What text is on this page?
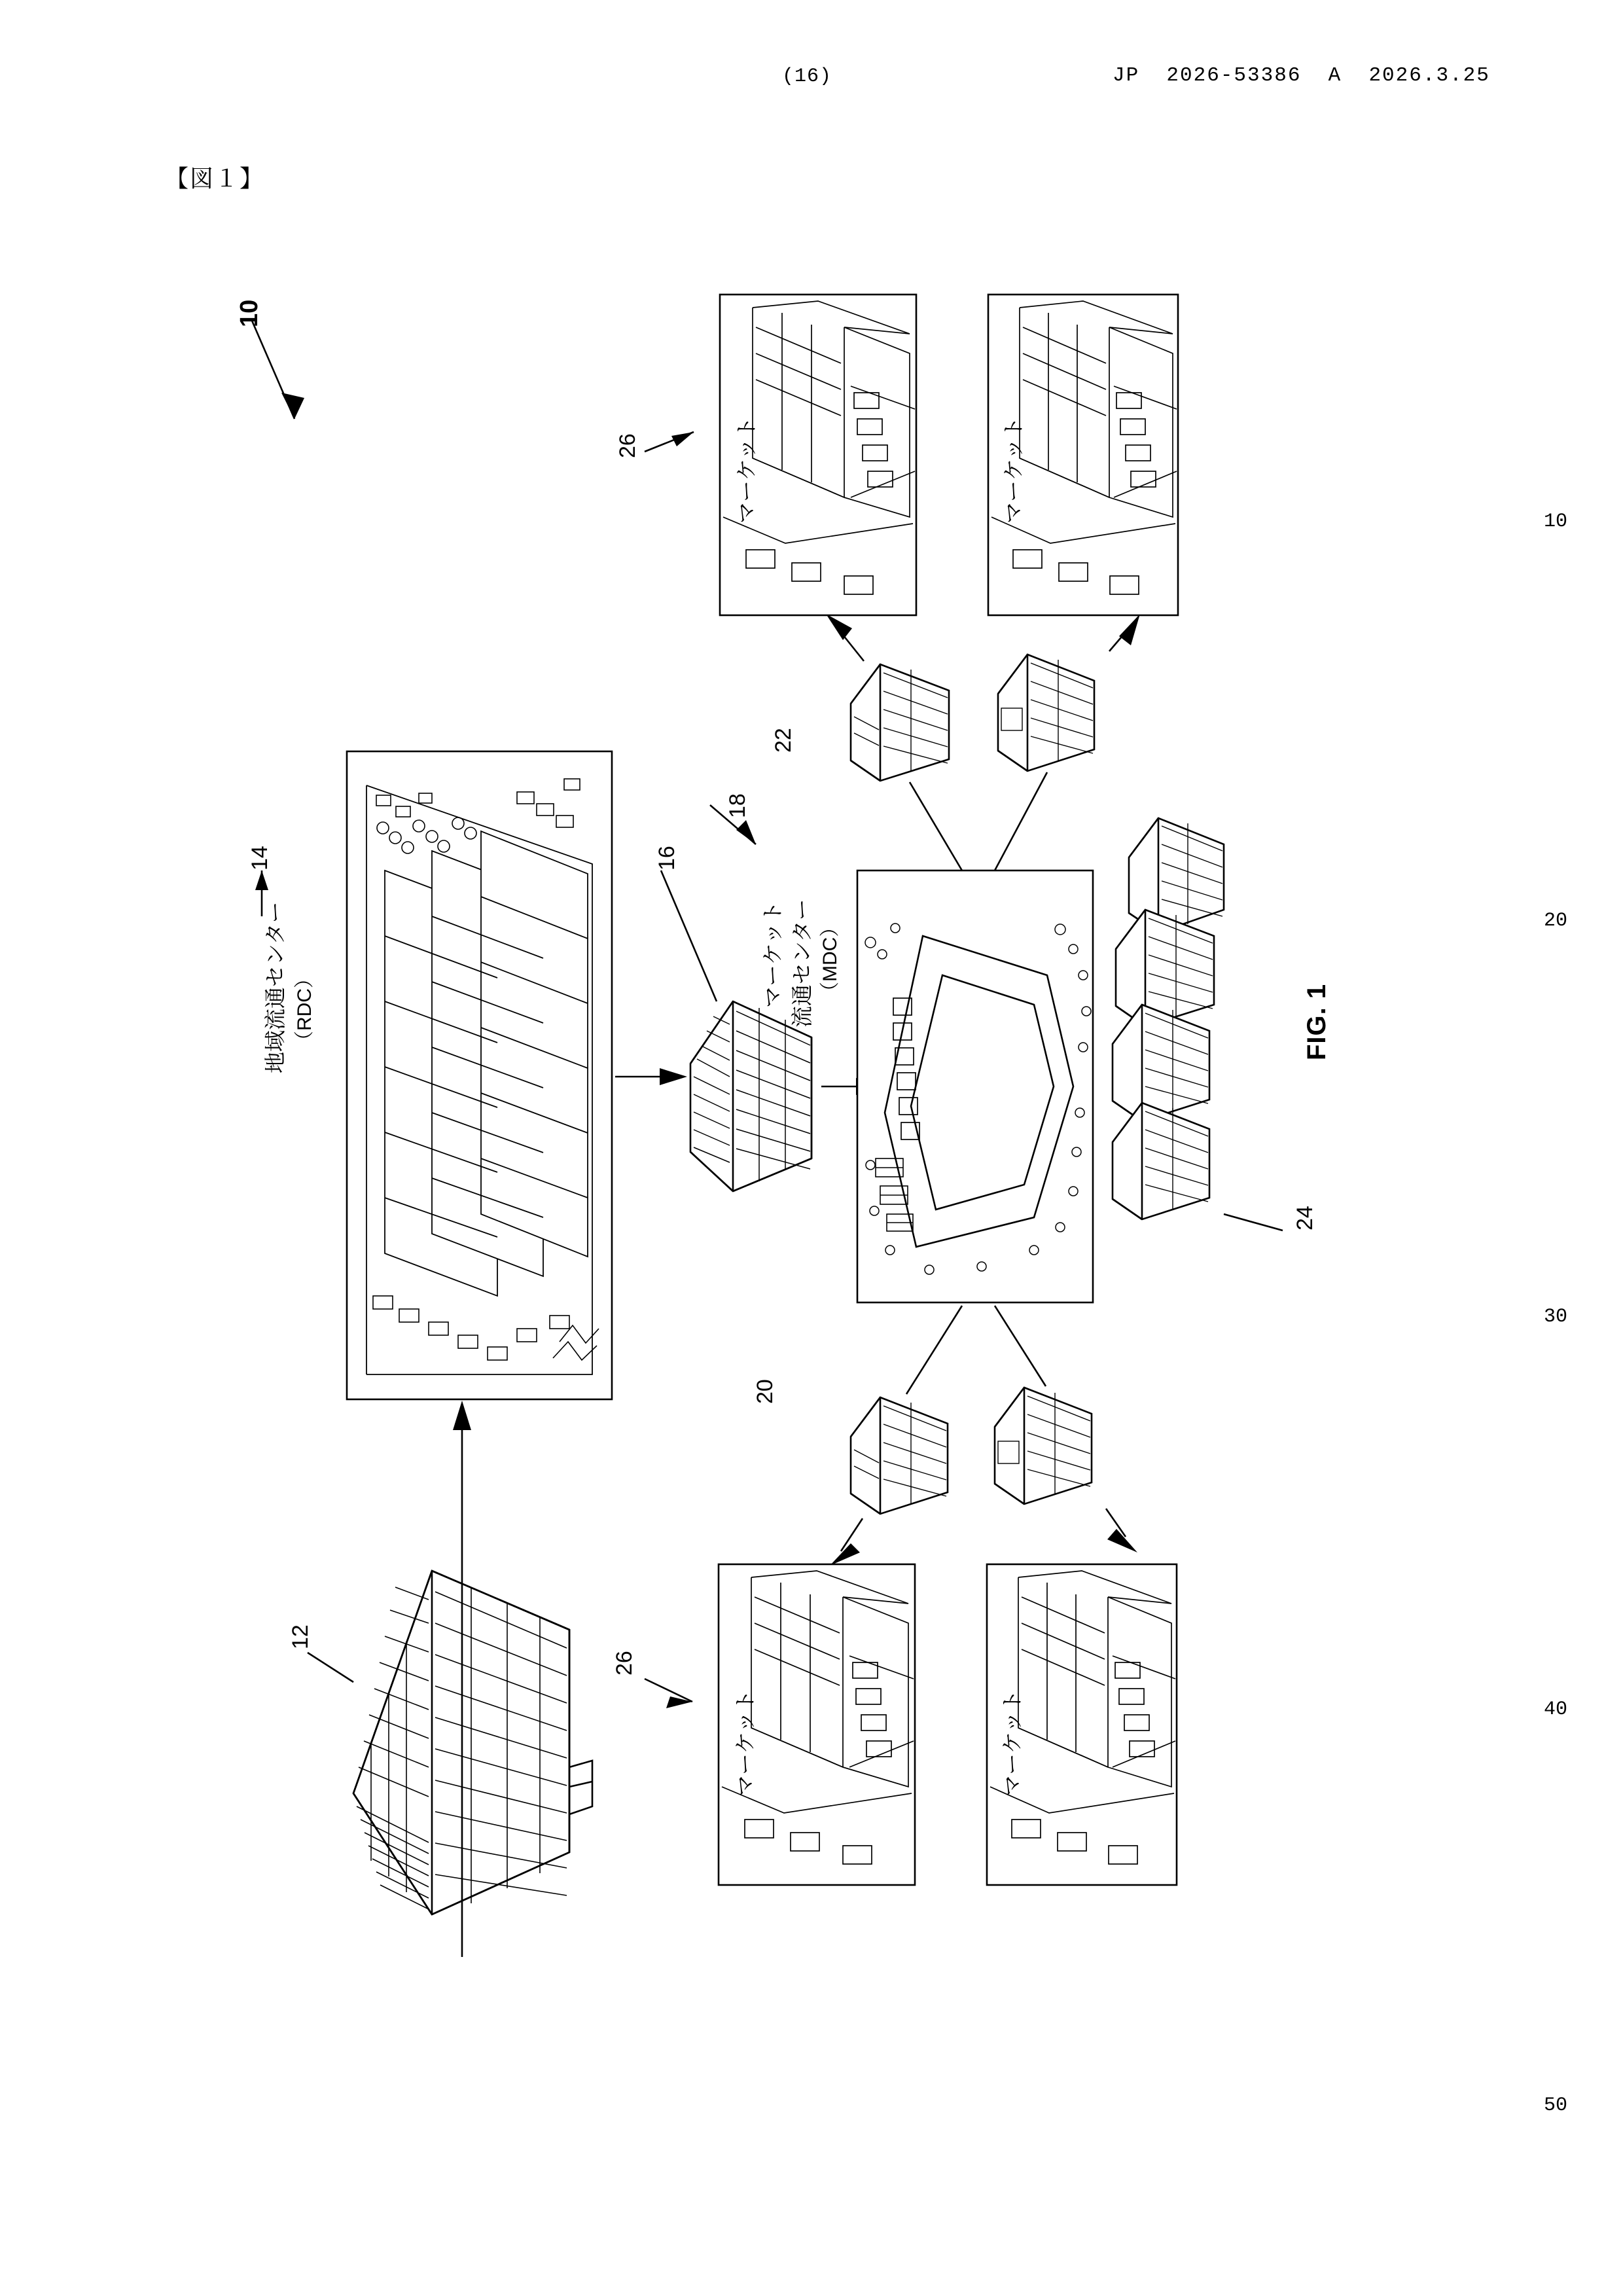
(16)	JP  2026-53386  A  2026.3.25
【図１】
10
20
30
40
50
FIG. 1
10
マーケット	マーケット
26
22
18
マーケット 流通センター （MDC）
地域流通センター （RDC）
14	16
24
20
12
26
マーケット	マーケット
